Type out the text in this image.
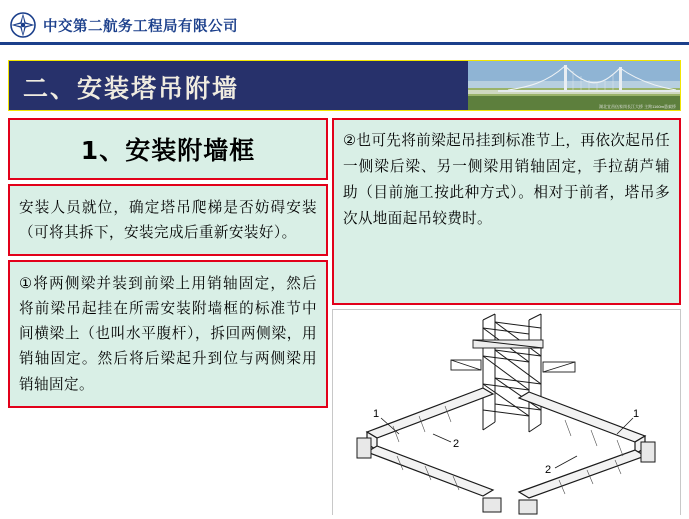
中交第二航务工程局有限公司
二、安装塔吊附墙
湖北宜昌伍家岗长江大桥 主跨1160m悬索桥
1、安装附墙框
安装人员就位，确定塔吊爬梯是否妨碍安装（可将其拆下，安装完成后重新安装好）。
①将两侧梁并装到前梁上用销轴固定，然后将前梁吊起挂在所需安装附墙框的标准节中间横梁上（也叫水平腹杆），拆回两侧梁，用销轴固定。然后将后梁起升到位与两侧梁用销轴固定。
②也可先将前梁起吊挂到标准节上，再依次起吊任一侧梁后梁、另一侧梁用销轴固定，手拉葫芦辅助（目前施工按此种方式）。相对于前者，塔吊多次从地面起吊较费时。
1
2
1
2
